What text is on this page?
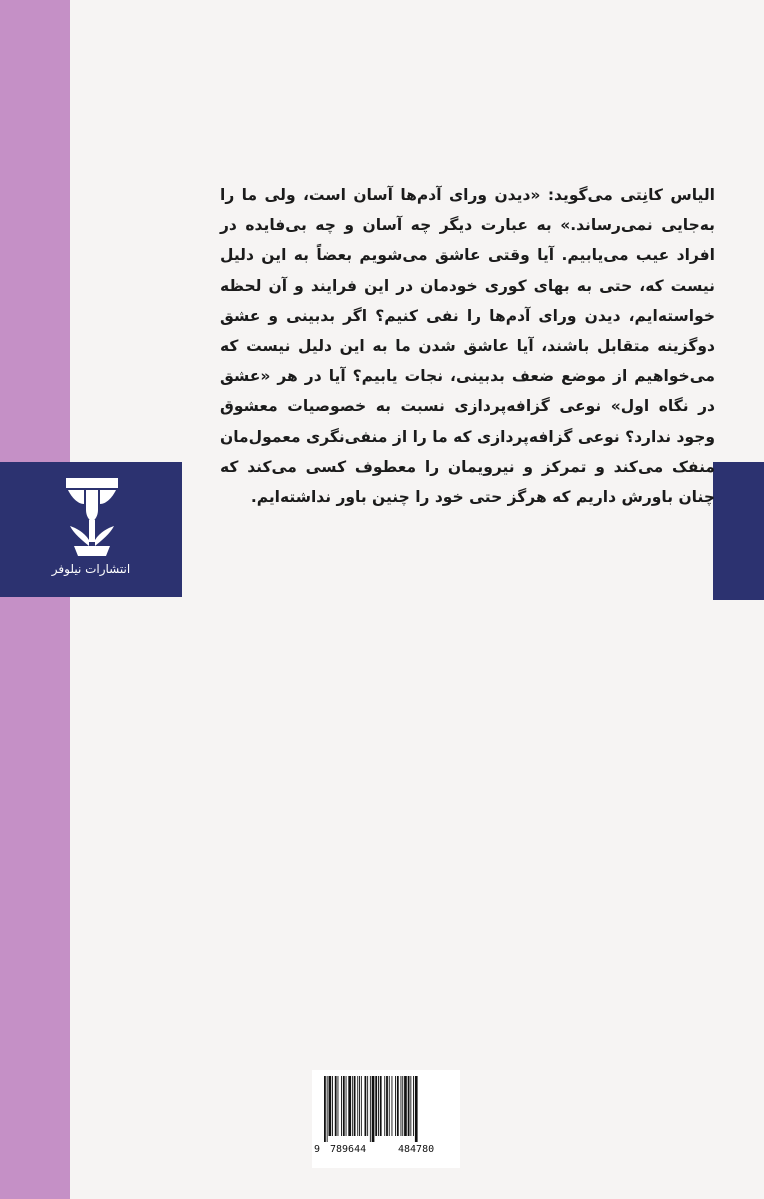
انتشارات نیلوفر

الیاس کانِتی می‌گوید: «دیدن ورای آدم‌ها آسان است، ولی ما را به‌جایی نمی‌رساند.» به عبارت دیگر چه آسان و چه بی‌فایده در افراد عیب می‌یابیم. آیا وقتی عاشق می‌شویم بعضاً به این دلیل نیست که، حتی به بهای کوری خودمان در این فرایند و آن لحظه خواسته‌ایم، دیدن ورای آدم‌ها را نفی کنیم؟ اگر بدبینی و عشق دوگزینه متقابل باشند، آیا عاشق شدن ما به این دلیل نیست که می‌خواهیم از موضع ضعف بدبینی، نجات یابیم؟ آیا در هر «عشق در نگاه اول» نوعی گزافه‌پردازی نسبت به خصوصیات معشوق وجود ندارد؟ نوعی گزافه‌پردازی که ما را از منفی‌نگری معمول‌مان منفک می‌کند و تمرکز و نیرویمان را معطوف کسی می‌کند که چنان باورش داریم که هرگز حتی خود را چنین باور نداشته‌ایم.

9 789644	484780
